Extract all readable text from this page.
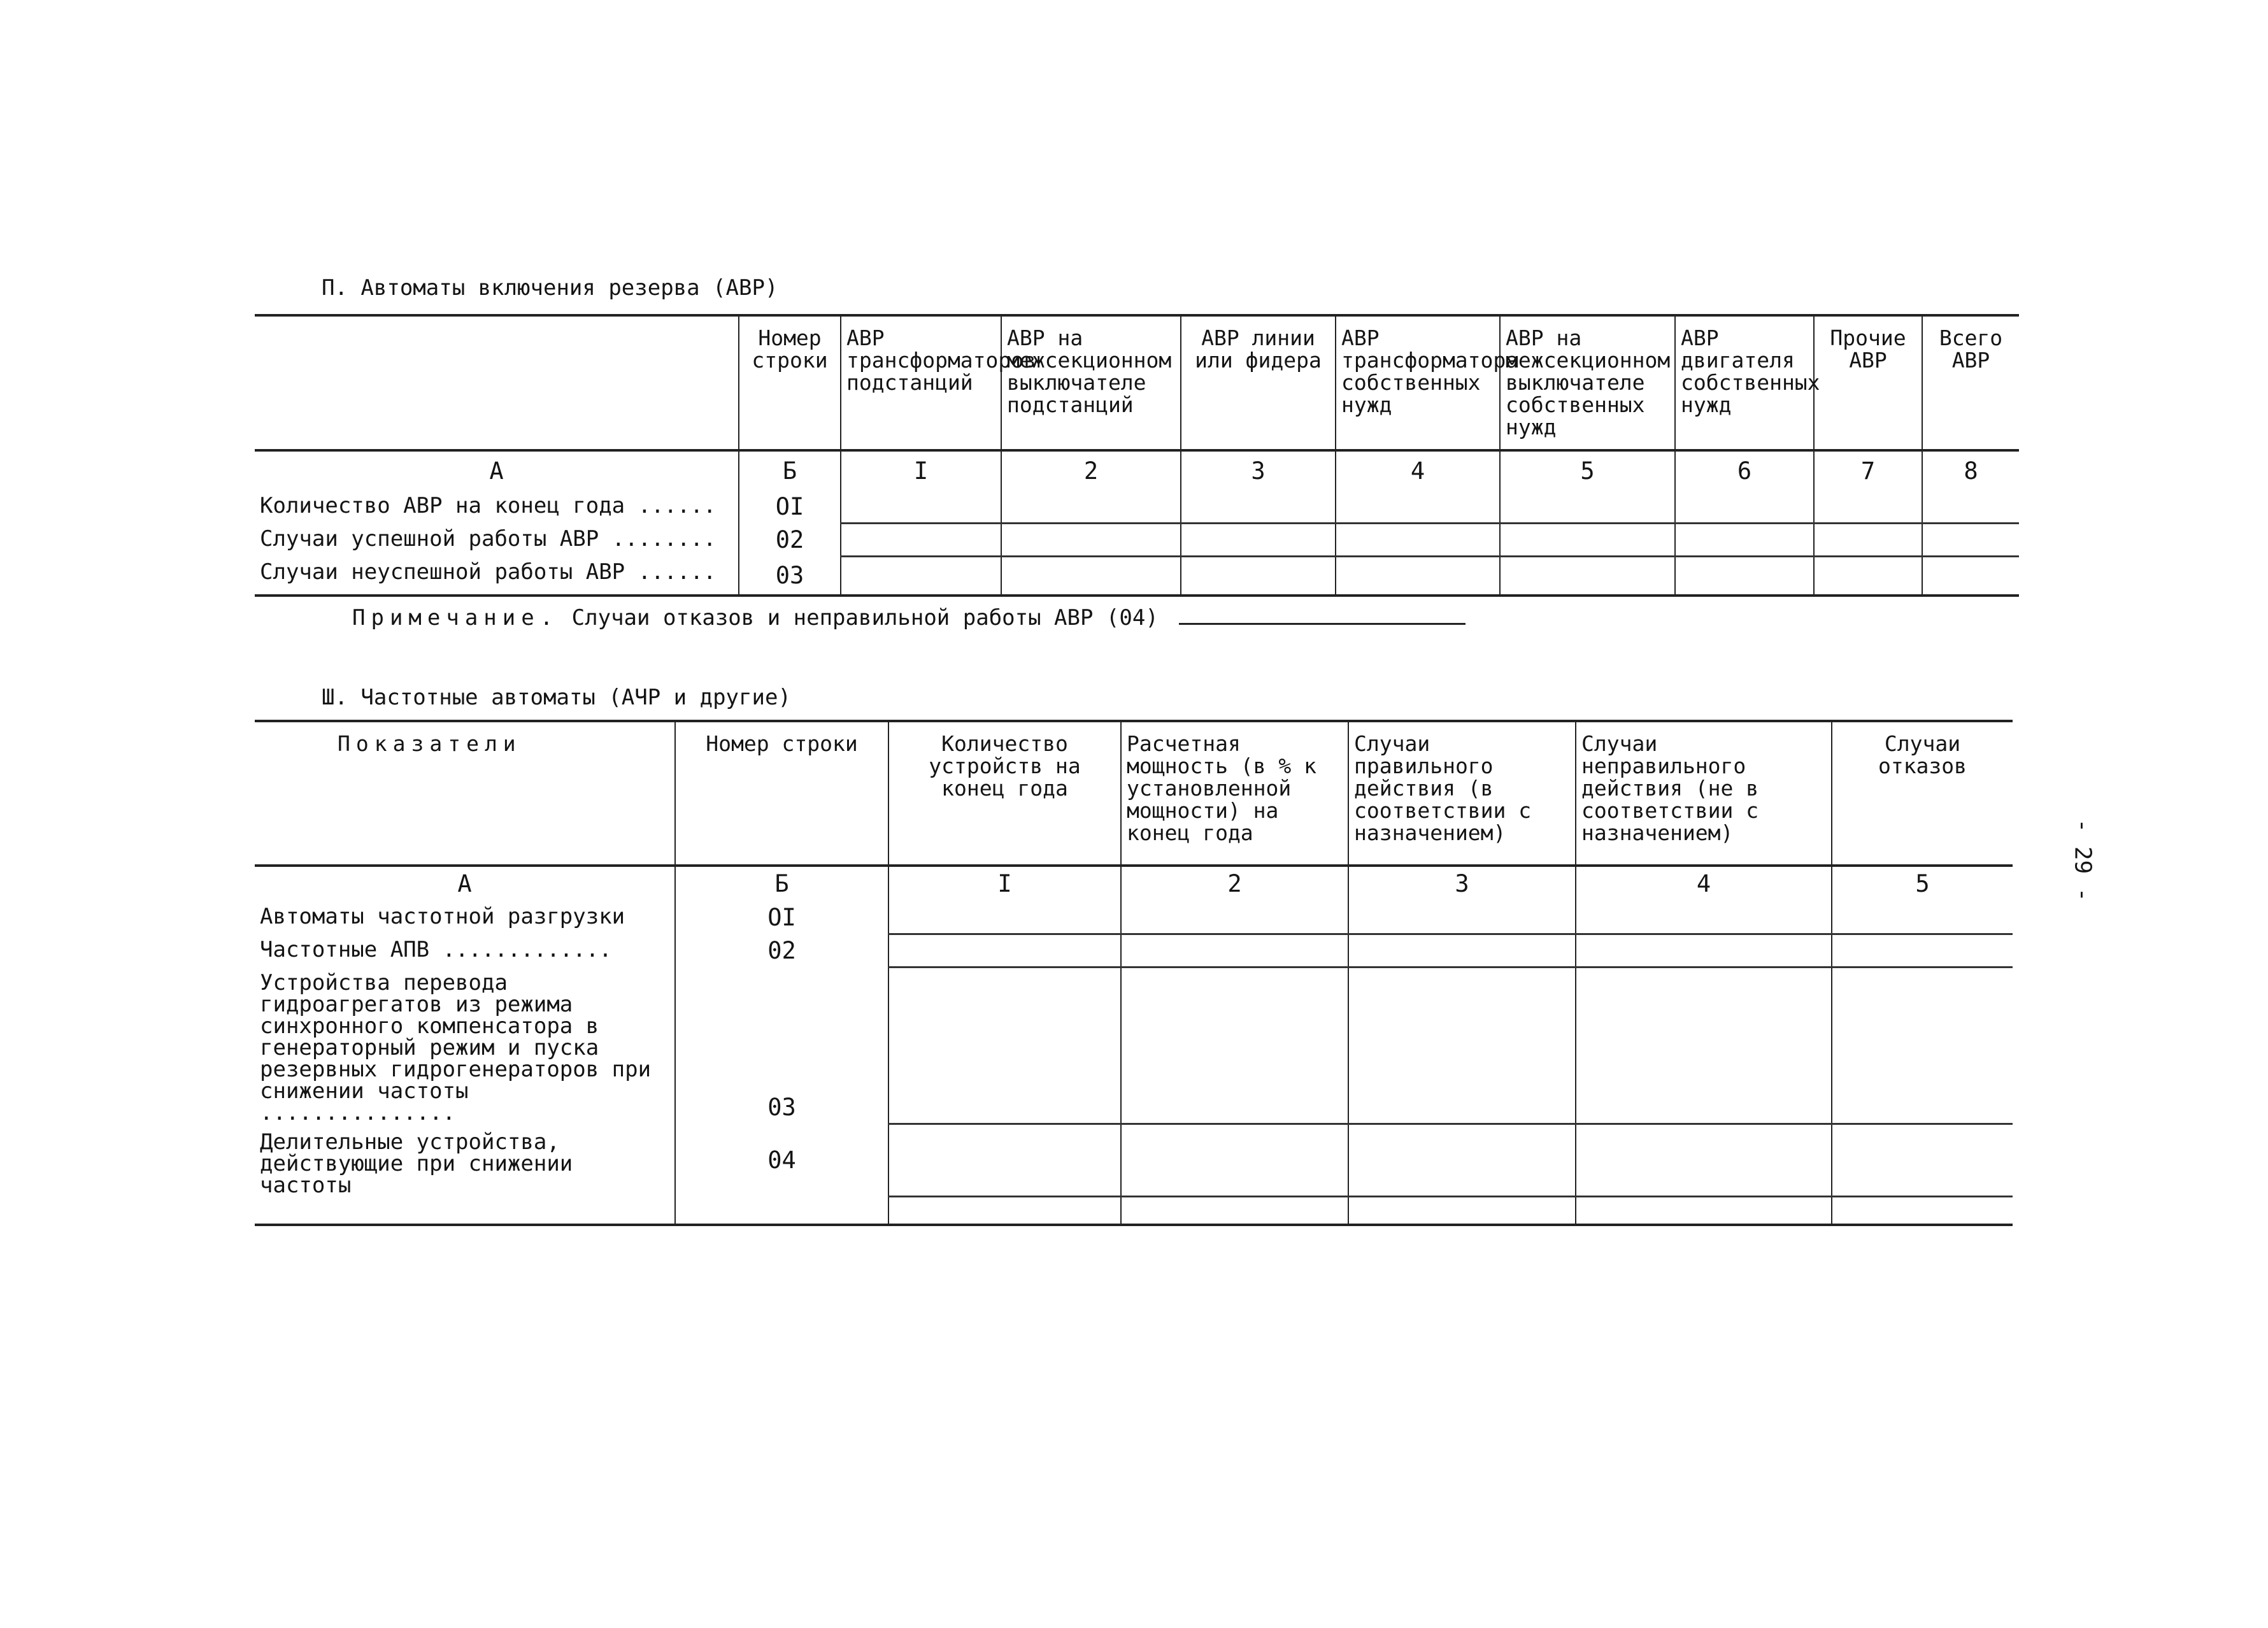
П. Автоматы включения резерва (АВР)
	Номер строки	АВР трансформаторов подстанций	АВР на межсекционном выключателе подстанций	АВР линии или фидера	АВР трансформатора собственных нужд	АВР на межсекционном выключателе собственных нужд	АВР двигателя собственных нужд	Прочие АВР	Всего АВР

А	Б	I	2	3	4	5	6	7	8
Количество АВР на конец года ......	OI								
Случаи успешной работы АВР ........	02								
Случаи неуспешной работы АВР ......	03								
Примечание. Случаи отказов и неправильной работы АВР (04)
Ш. Частотные автоматы (АЧР и другие)
Показатели	Номер строки	Количество устройств на конец года	Расчетная мощность (в % к установленной мощности) на конец года	Случаи правильного действия (в соответствии с назначением)	Случаи неправильного действия (не в соответствии с назначением)	Случаи отказов

А	Б	I	2	3	4	5
Автоматы частотной разгрузки	OI					
Частотные АПВ .............	02					
Устройства перевода гидроагрегатов из режима синхронного компенсатора в генераторный режим и пуска резервных гидрогенераторов при снижении частоты ...............	03					
Делительные устройства, действующие при снижении частоты	04					

- 29 -
